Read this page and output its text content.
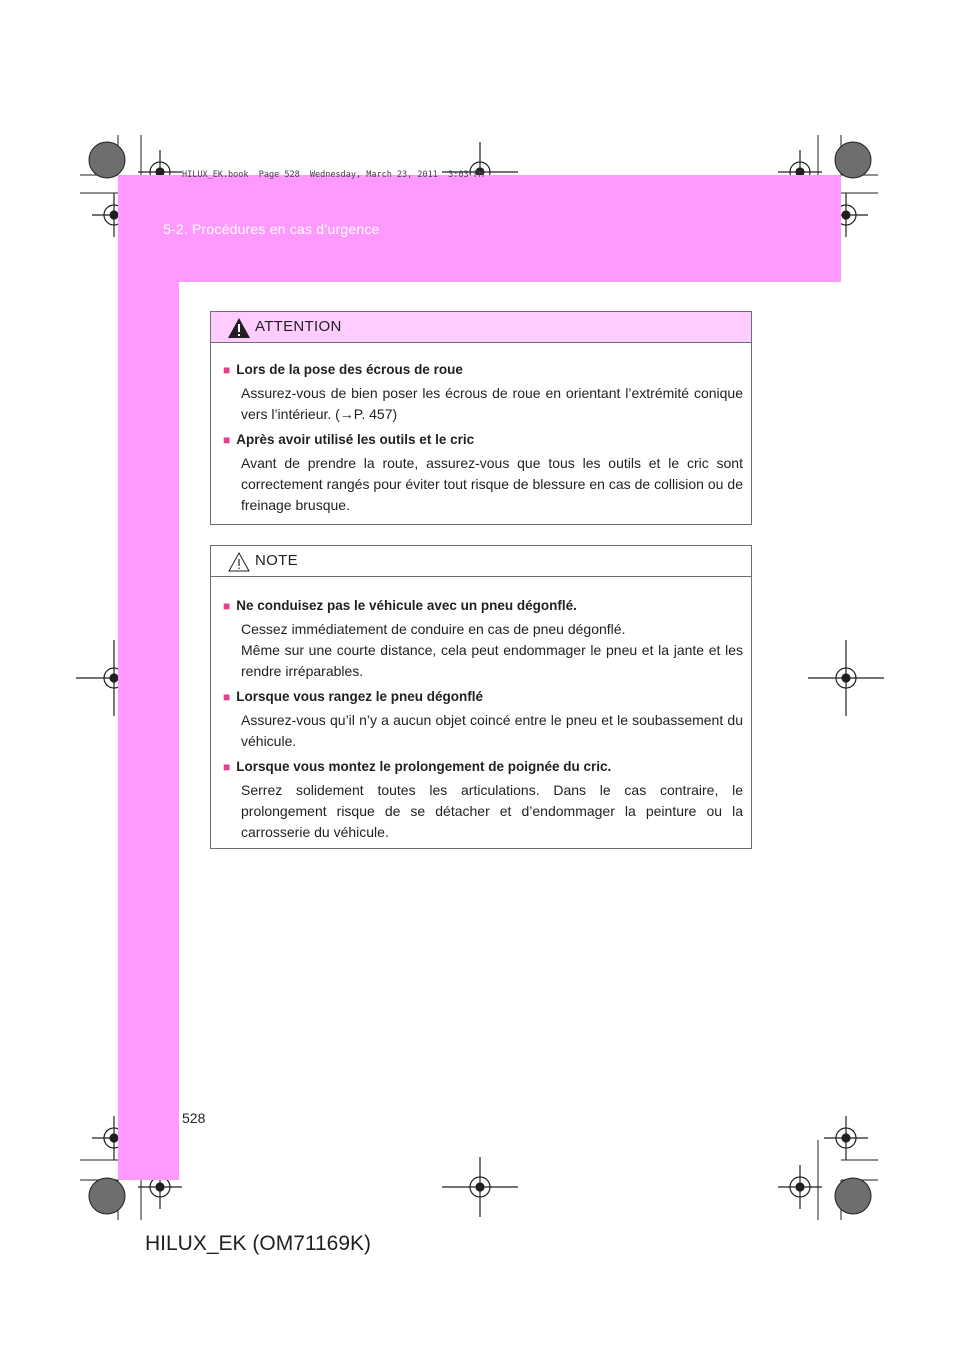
HILUX_EK.book  Page 528  Wednesday, March 23, 2011  3:03 PM
5-2. Procédures en cas d’urgence
ATTENTION
■ Lors de la pose des écrous de roue
Assurez-vous de bien poser les écrous de roue en orientant l’extrémité conique vers l’intérieur. (→P. 457)
■ Après avoir utilisé les outils et le cric
Avant de prendre la route, assurez-vous que tous les outils et le cric sont correctement rangés pour éviter tout risque de blessure en cas de collision ou de freinage brusque.
NOTE
■ Ne conduisez pas le véhicule avec un pneu dégonflé.
Cessez immédiatement de conduire en cas de pneu dégonflé.
Même sur une courte distance, cela peut endommager le pneu et la jante et les rendre irréparables.
■ Lorsque vous rangez le pneu dégonflé
Assurez-vous qu’il n’y a aucun objet coincé entre le pneu et le soubassement du véhicule.
■ Lorsque vous montez le prolongement de poignée du cric.
Serrez solidement toutes les articulations. Dans le cas contraire, le prolongement risque de se détacher et d’endommager la peinture ou la carrosserie du véhicule.
528
HILUX_EK (OM71169K)
